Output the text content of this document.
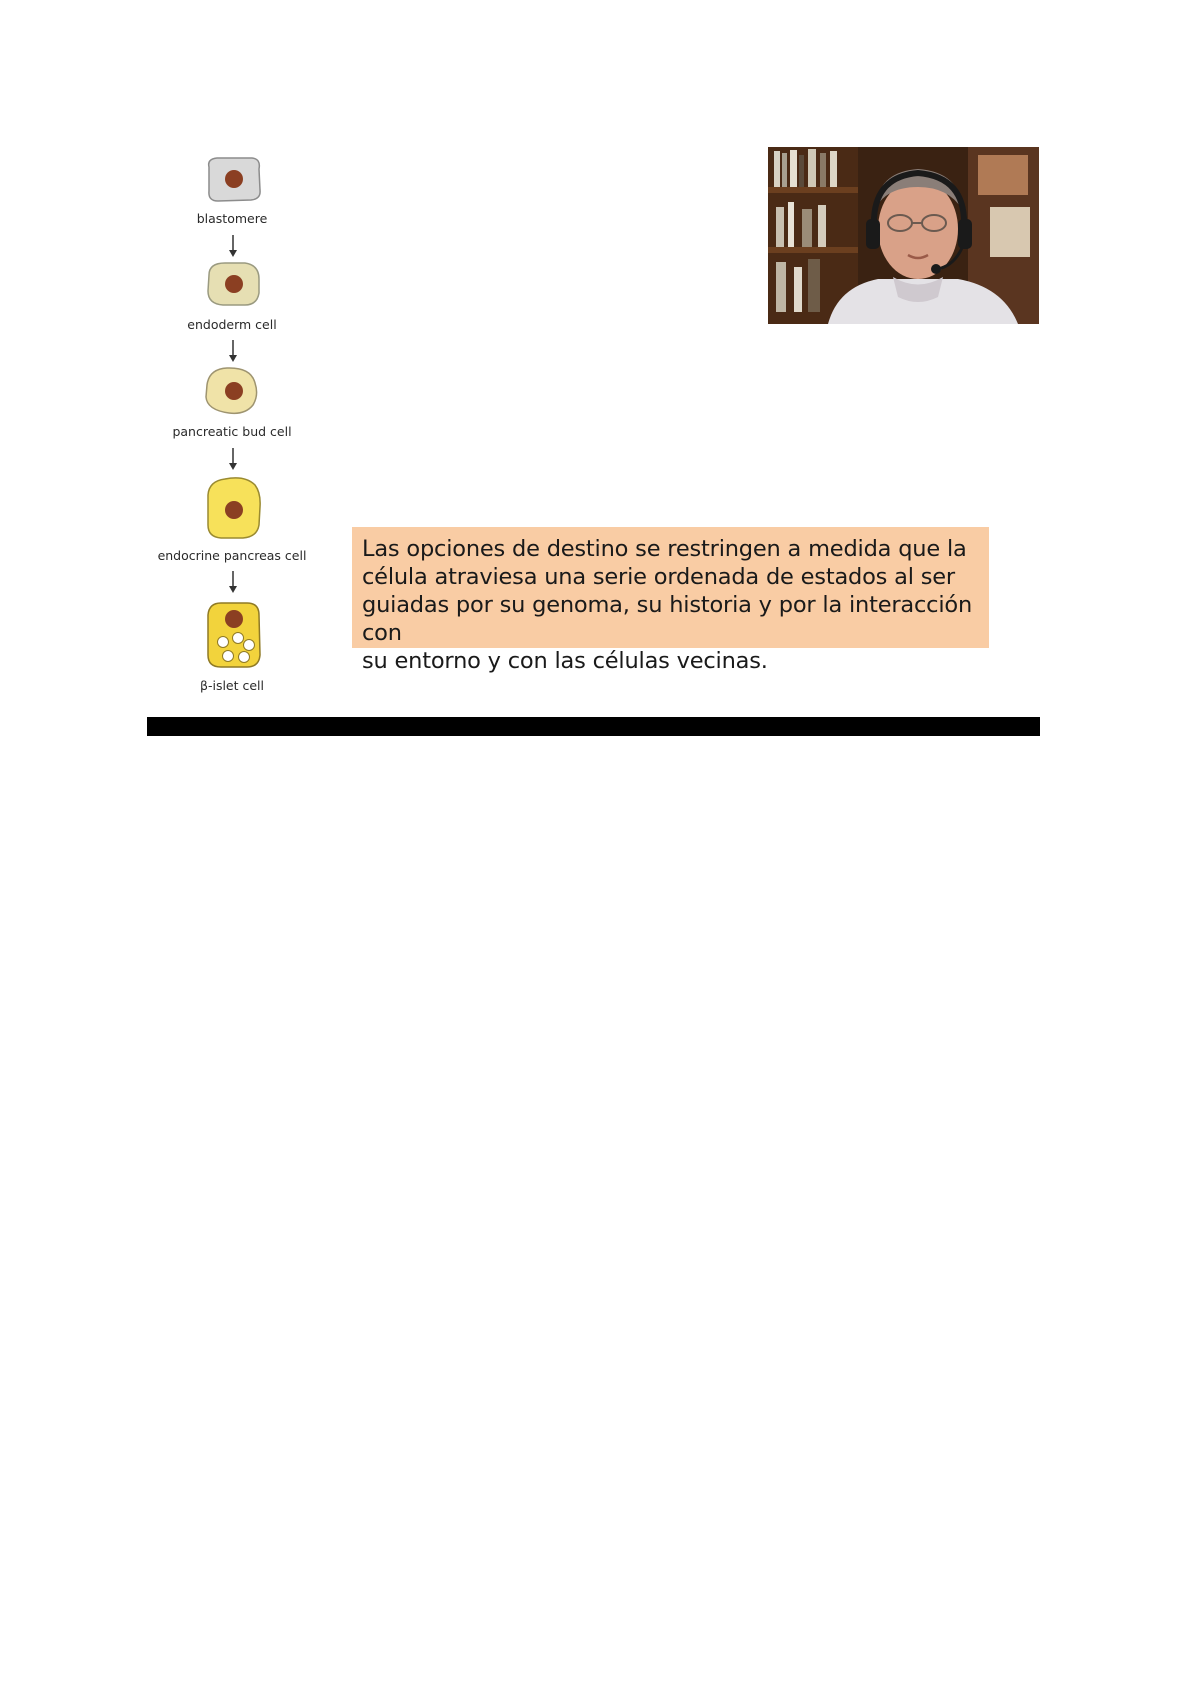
blastomere
endoderm cell
pancreatic bud cell
endocrine pancreas cell
β-islet cell

Las opciones de destino se restringen a medida que la

célula atraviesa una serie ordenada de estados al ser

guiadas por su genoma, su historia y por la interacción con

su entorno y con las células vecinas.
